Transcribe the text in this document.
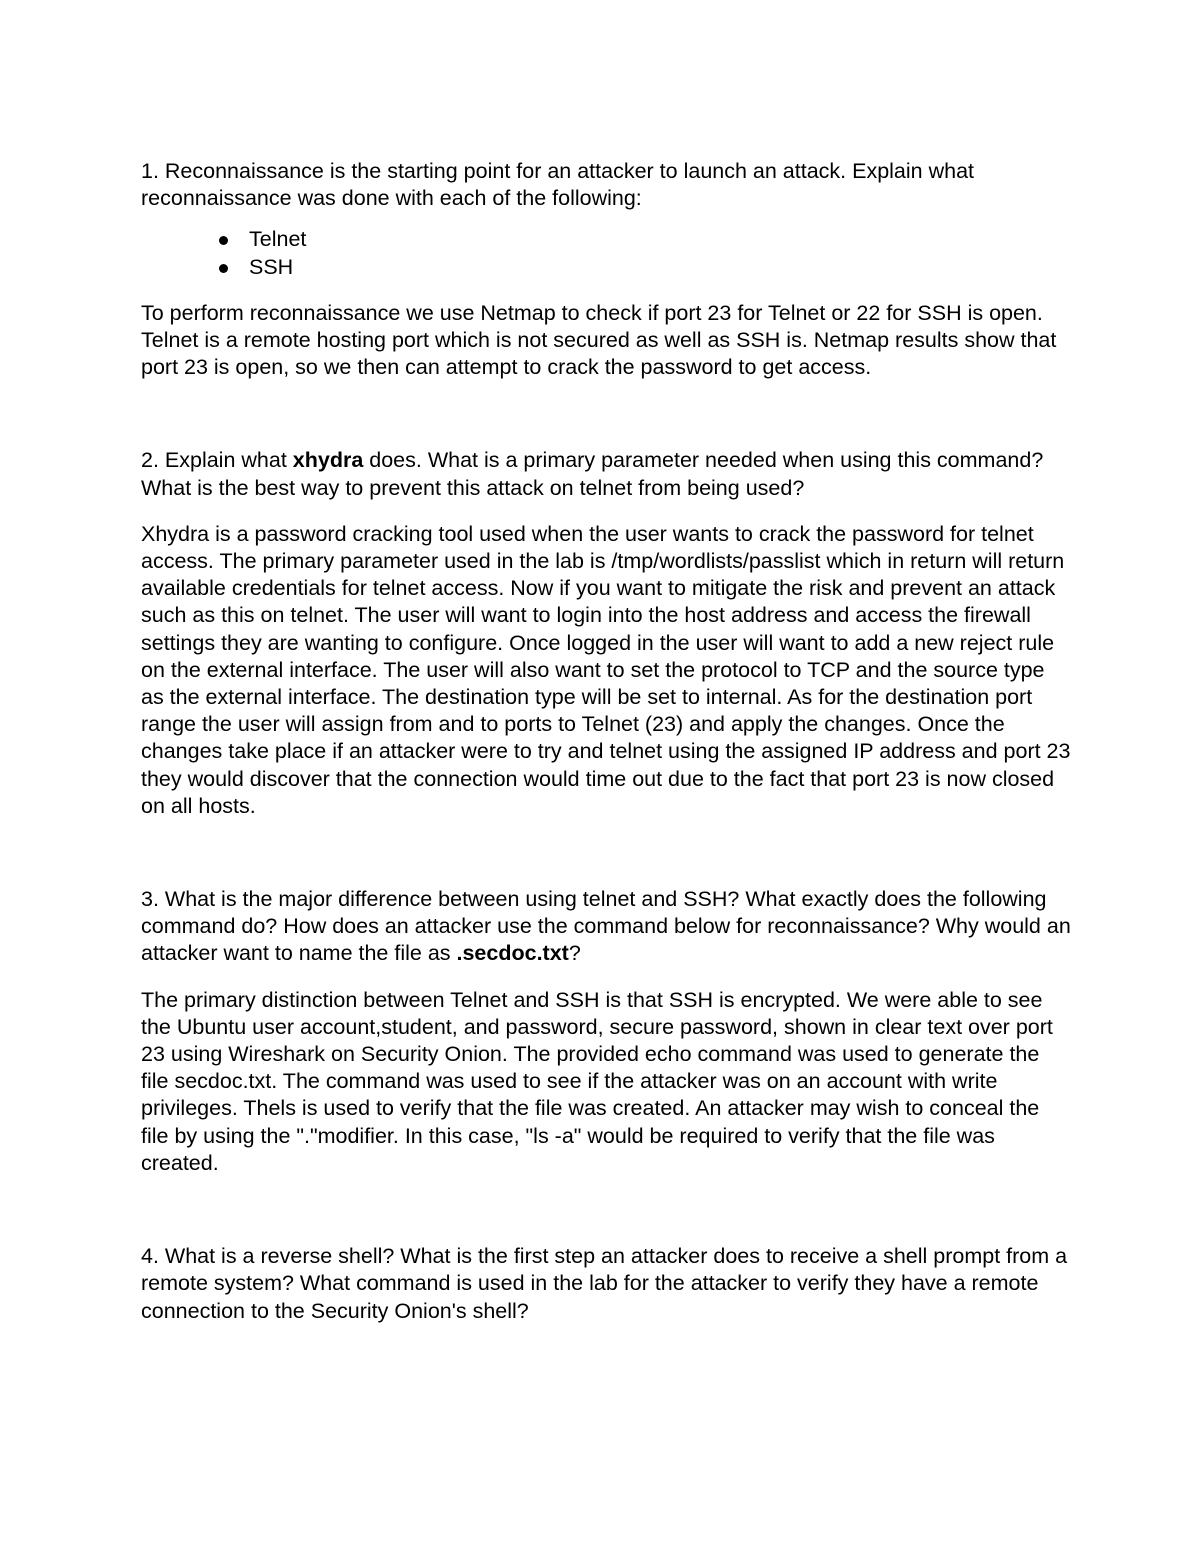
1. Reconnaissance is the starting point for an attacker to launch an attack. Explain what reconnaissance was done with each of the following:

Telnet
SSH

To perform reconnaissance we use Netmap to check if port 23 for Telnet or 22 for SSH is open. Telnet is a remote hosting port which is not secured as well as SSH is. Netmap results show that port 23 is open, so we then can attempt to crack the password to get access.

2. Explain what xhydra does. What is a primary parameter needed when using this command? What is the best way to prevent this attack on telnet from being used?

Xhydra is a password cracking tool used when the user wants to crack the password for telnet access. The primary parameter used in the lab is /tmp/wordlists/passlist which in return will return available credentials for telnet access. Now if you want to mitigate the risk and prevent an attack such as this on telnet. The user will want to login into the host address and access the firewall settings they are wanting to configure. Once logged in the user will want to add a new reject rule on the external interface. The user will also want to set the protocol to TCP and the source type as the external interface. The destination type will be set to internal. As for the destination port range the user will assign from and to ports to Telnet (23) and apply the changes. Once the changes take place if an attacker were to try and telnet using the assigned IP address and port 23 they would discover that the connection would time out due to the fact that port 23 is now closed on all hosts.

3. What is the major difference between using telnet and SSH? What exactly does the following command do? How does an attacker use the command below for reconnaissance? Why would an attacker want to name the file as .secdoc.txt?

The primary distinction between Telnet and SSH is that SSH is encrypted. We were able to see the Ubuntu user account,student, and password, secure password, shown in clear text over port 23 using Wireshark on Security Onion. The provided echo command was used to generate the file secdoc.txt. The command was used to see if the attacker was on an account with write privileges. Thels is used to verify that the file was created. An attacker may wish to conceal the file by using the "."modifier. In this case, "ls -a" would be required to verify that the file was created.

4. What is a reverse shell? What is the first step an attacker does to receive a shell prompt from a remote system? What command is used in the lab for the attacker to verify they have a remote connection to the Security Onion's shell?
